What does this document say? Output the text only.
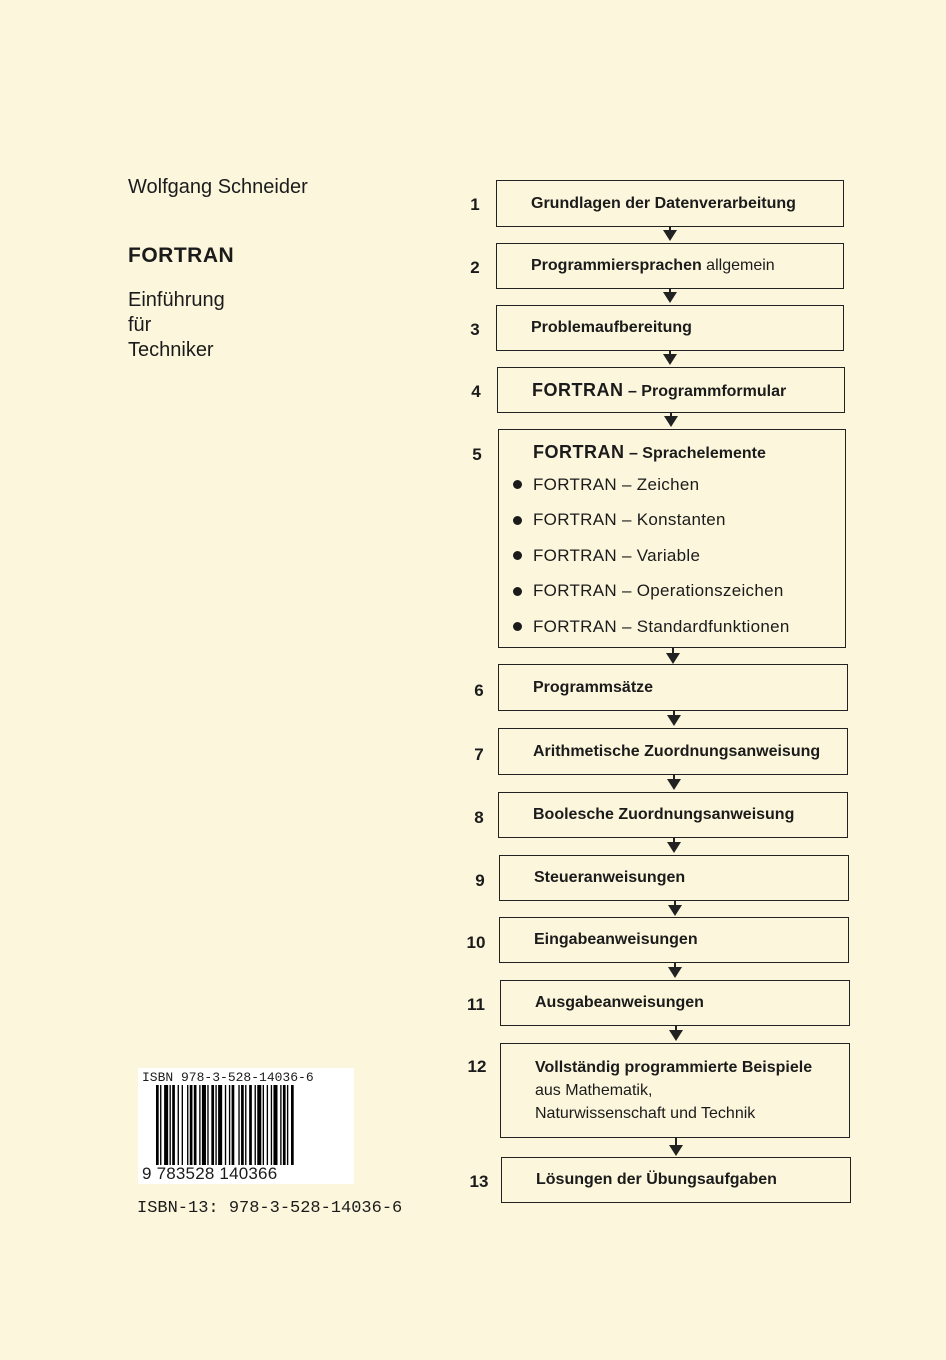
Wolfgang Schneider
FORTRAN
Einführung
für
Techniker
1	Grundlagen der Datenverarbeitung
2	Programmiersprachen allgemein
3	Problemaufbereitung
4	FORTRAN – Programmformular
5	FORTRAN – Sprachelemente
FORTRAN – Zeichen
FORTRAN – Konstanten
FORTRAN – Variable
FORTRAN – Operationszeichen
FORTRAN – Standardfunktionen
6	Programmsätze
7	Arithmetische Zuordnungsanweisung
8	Boolesche Zuordnungsanweisung
9	Steueranweisungen
10	Eingabeanweisungen
11	Ausgabeanweisungen
12	Vollständig programmierte Beispiele
aus Mathematik,
Naturwissenschaft und Technik
13	Lösungen der Übungsaufgaben
ISBN 978-3-528-14036-6
9 783528 140366
ISBN-13: 978-3-528-14036-6
